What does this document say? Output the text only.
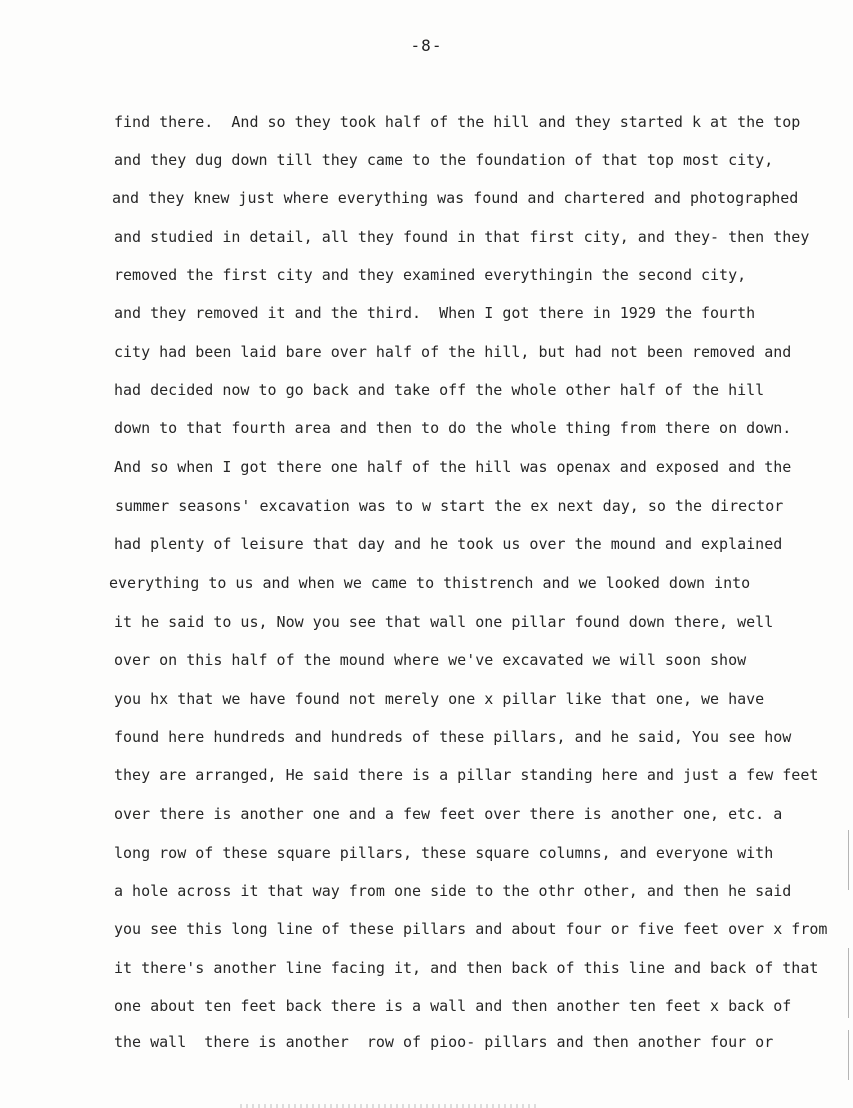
-8-
find there.  And so they took half of the hill and they started k at the top
and they dug down till they came to the foundation of that top most city,
and they knew just where everything was found and chartered and photographed
and studied in detail, all they found in that first city, and they- then they
removed the first city and they examined everythingin the second city,
and they removed it and the third.  When I got there in 1929 the fourth
city had been laid bare over half of the hill, but had not been removed and
had decided now to go back and take off the whole other half of the hill
down to that fourth area and then to do the whole thing from there on down.
And so when I got there one half of the hill was openax and exposed and the
summer seasons' excavation was to w start the ex next day, so the director
had plenty of leisure that day and he took us over the mound and explained
everything to us and when we came to thistrench and we looked down into
it he said to us, Now you see that wall one pillar found down there, well
over on this half of the mound where we've excavated we will soon show
you hx that we have found not merely one x pillar like that one, we have
found here hundreds and hundreds of these pillars, and he said, You see how
they are arranged, He said there is a pillar standing here and just a few feet
over there is another one and a few feet over there is another one, etc. a
long row of these square pillars, these square columns, and everyone with
a hole across it that way from one side to the othr other, and then he said
you see this long line of these pillars and about four or five feet over x from
it there's another line facing it, and then back of this line and back of that
one about ten feet back there is a wall and then another ten feet x back of
the wall  there is another  row of pioo- pillars and then another four or
